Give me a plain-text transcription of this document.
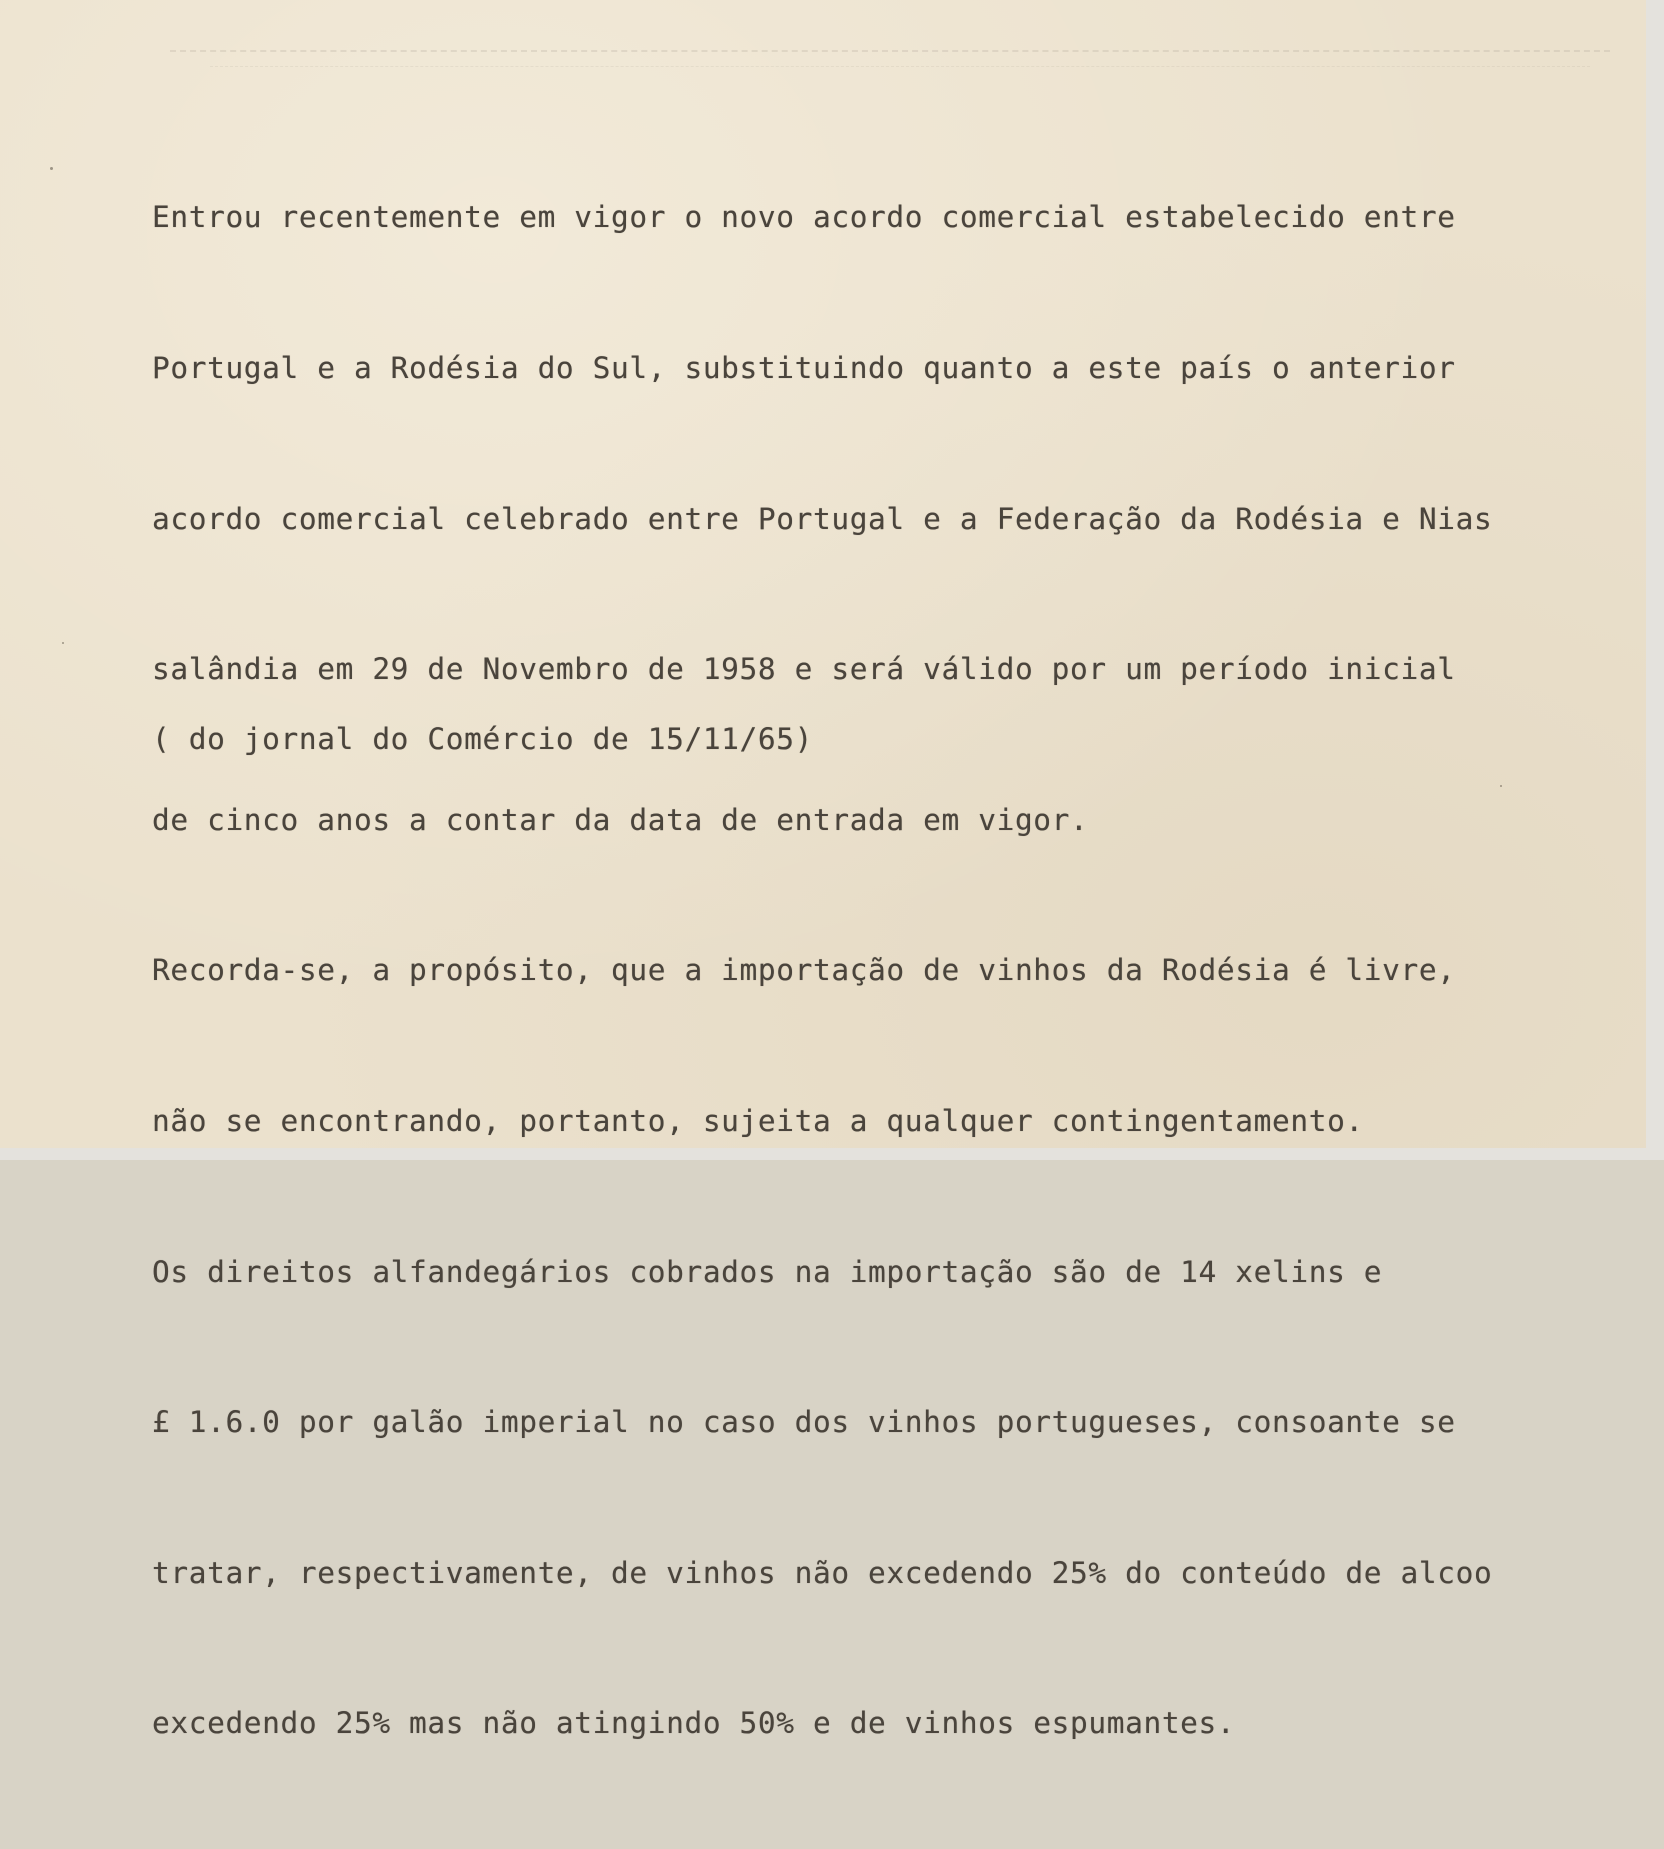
Entrou recentemente em vigor o novo acordo comercial estabelecido entre

Portugal e a Rodésia do Sul, substituindo quanto a este país o anterior

acordo comercial celebrado entre Portugal e a Federação da Rodésia e Nias

salândia em 29 de Novembro de 1958 e será válido por um período inicial

de cinco anos a contar da data de entrada em vigor.

Recorda-se, a propósito, que a importação de vinhos da Rodésia é livre,

não se encontrando, portanto, sujeita a qualquer contingentamento.

Os direitos alfandegários cobrados na importação são de 14 xelins e

£ 1.6.0 por galão imperial no caso dos vinhos portugueses, consoante se

tratar, respectivamente, de vinhos não excedendo 25% do conteúdo de alcoo

excedendo 25% mas não atingindo 50% e de vinhos espumantes.

( do jornal do Comércio de 15/11/65)
